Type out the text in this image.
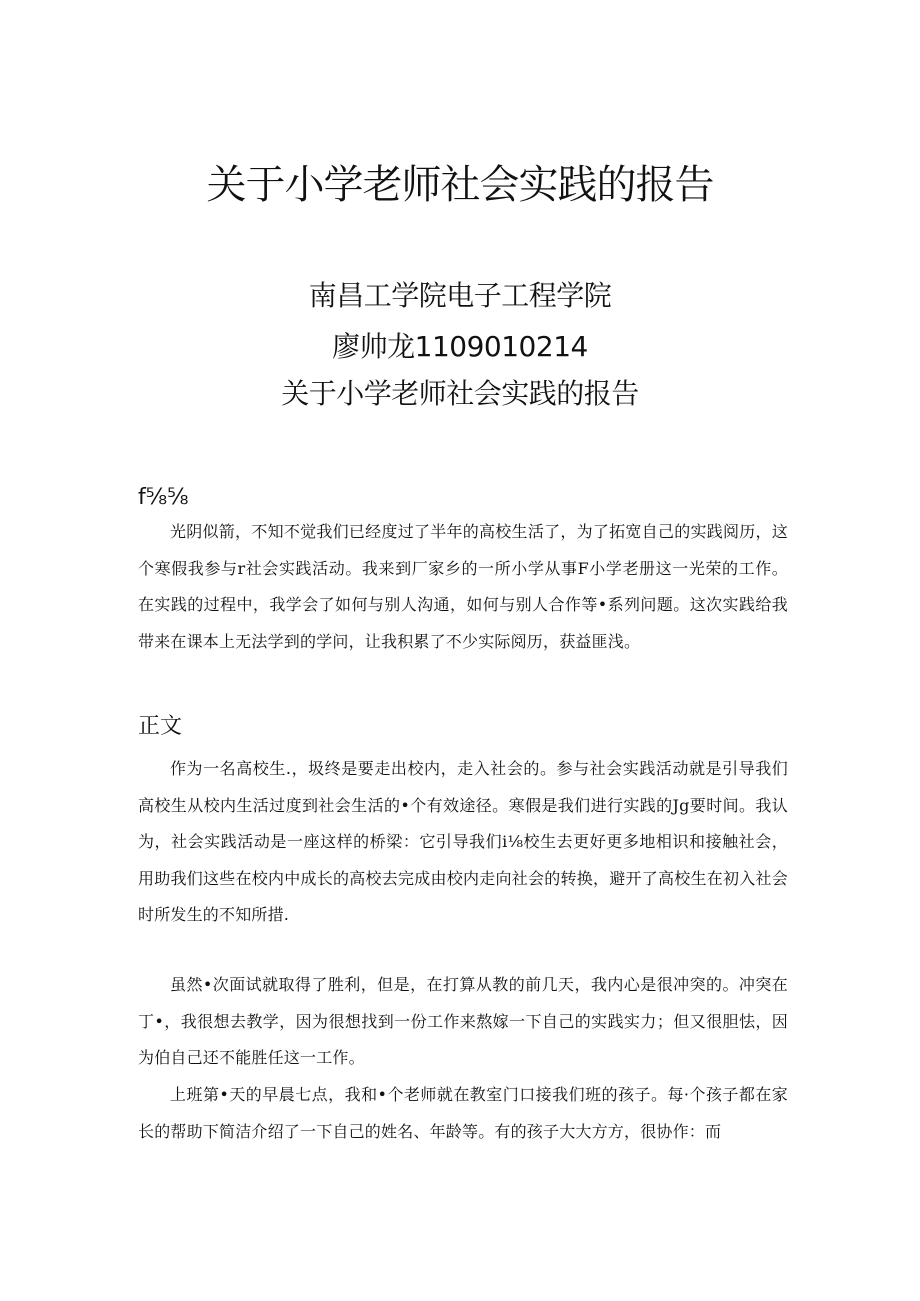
关于小学老师社会实践的报告
南昌工学院电子工程学院
廖帅龙1109010214
关于小学老师社会实践的报告
f⅝⅝

光阴似箭，不知不觉我们已经度过了半年的高校生活了，为了拓宽自己的实践阅历，这个寒假我参与r社会实践活动。我来到厂家乡的一所小学从事F小学老册这一光荣的工作。在实践的过程中，我学会了如何与别人沟通，如何与别人合作等•系列问题。这次实践给我带来在课本上无法学到的学问，让我积累了不少实际阅历，获益匪浅。

正文

作为一名高校生.，圾终是要走出校内，走入社会的。参与社会实践活动就是引导我们高校生从校内生活过度到社会生活的•个有效途径。寒假是我们进行实践的Jg要时间。我认为，社会实践活动是一座这样的桥梁：它引导我们i⅛校生去更好更多地相识和接触社会，用助我们这些在校内中成长的高校去完成由校内走向社会的转换，避开了高校生在初入社会时所发生的不知所措.

虽然•次面试就取得了胜利，但是，在打算从教的前几天，我内心是很冲突的。冲突在丁•，我很想去教学，因为很想找到一份工作来熬嫁一下自己的实践实力；但又很胆怯，因为伯自己还不能胜任这一工作。

上班第•天的早晨七点，我和•个老师就在教室门口接我们班的孩子。每·个孩子都在家长的帮助下简洁介绍了一下自己的姓名、年龄等。有的孩子大大方方，很协作：而
